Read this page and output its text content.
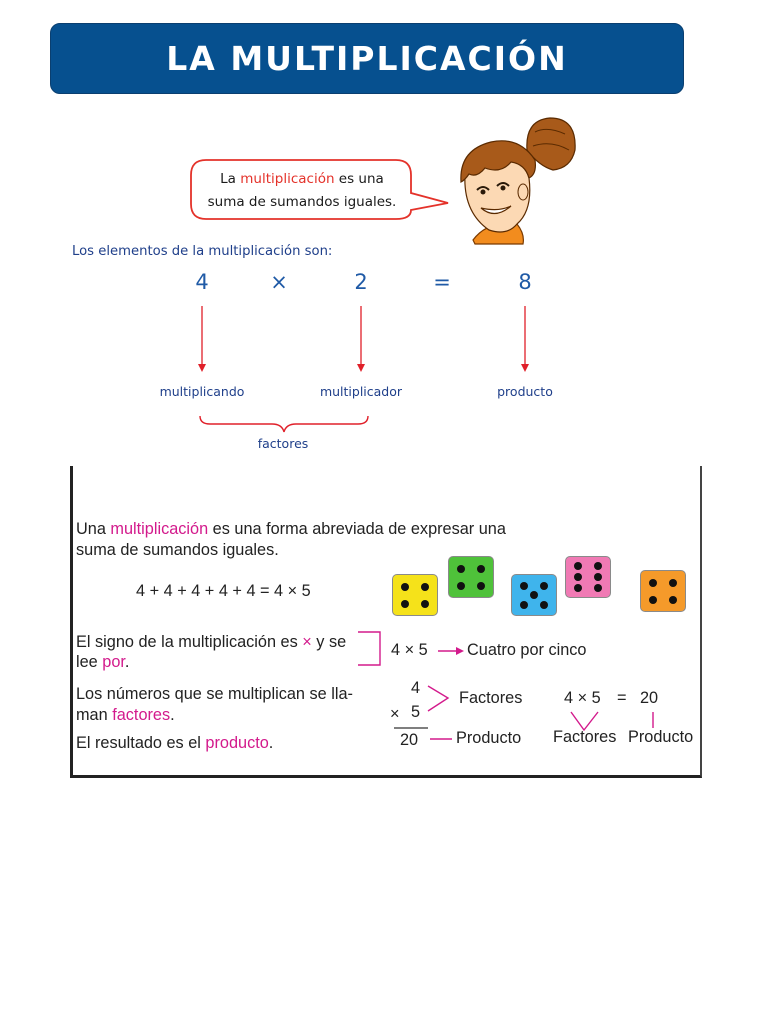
LA MULTIPLICACIÓN
La multiplicación es una
suma de sumandos iguales.
Los elementos de la multiplicación son:
4	×	2	=	8
multiplicando	multiplicador	producto
factores
Una multiplicación es una forma abreviada de expresar una
suma de sumandos iguales.
4 + 4 + 4 + 4 + 4 = 4 × 5
El signo de la multiplicación es × y se
lee por.
4 × 5 Cuatro por cinco
Los números que se multiplican se lla-
man factores.
El resultado es el producto.
4
× 5
20
Factores
Producto
4 × 5 = 20
Factores Producto
